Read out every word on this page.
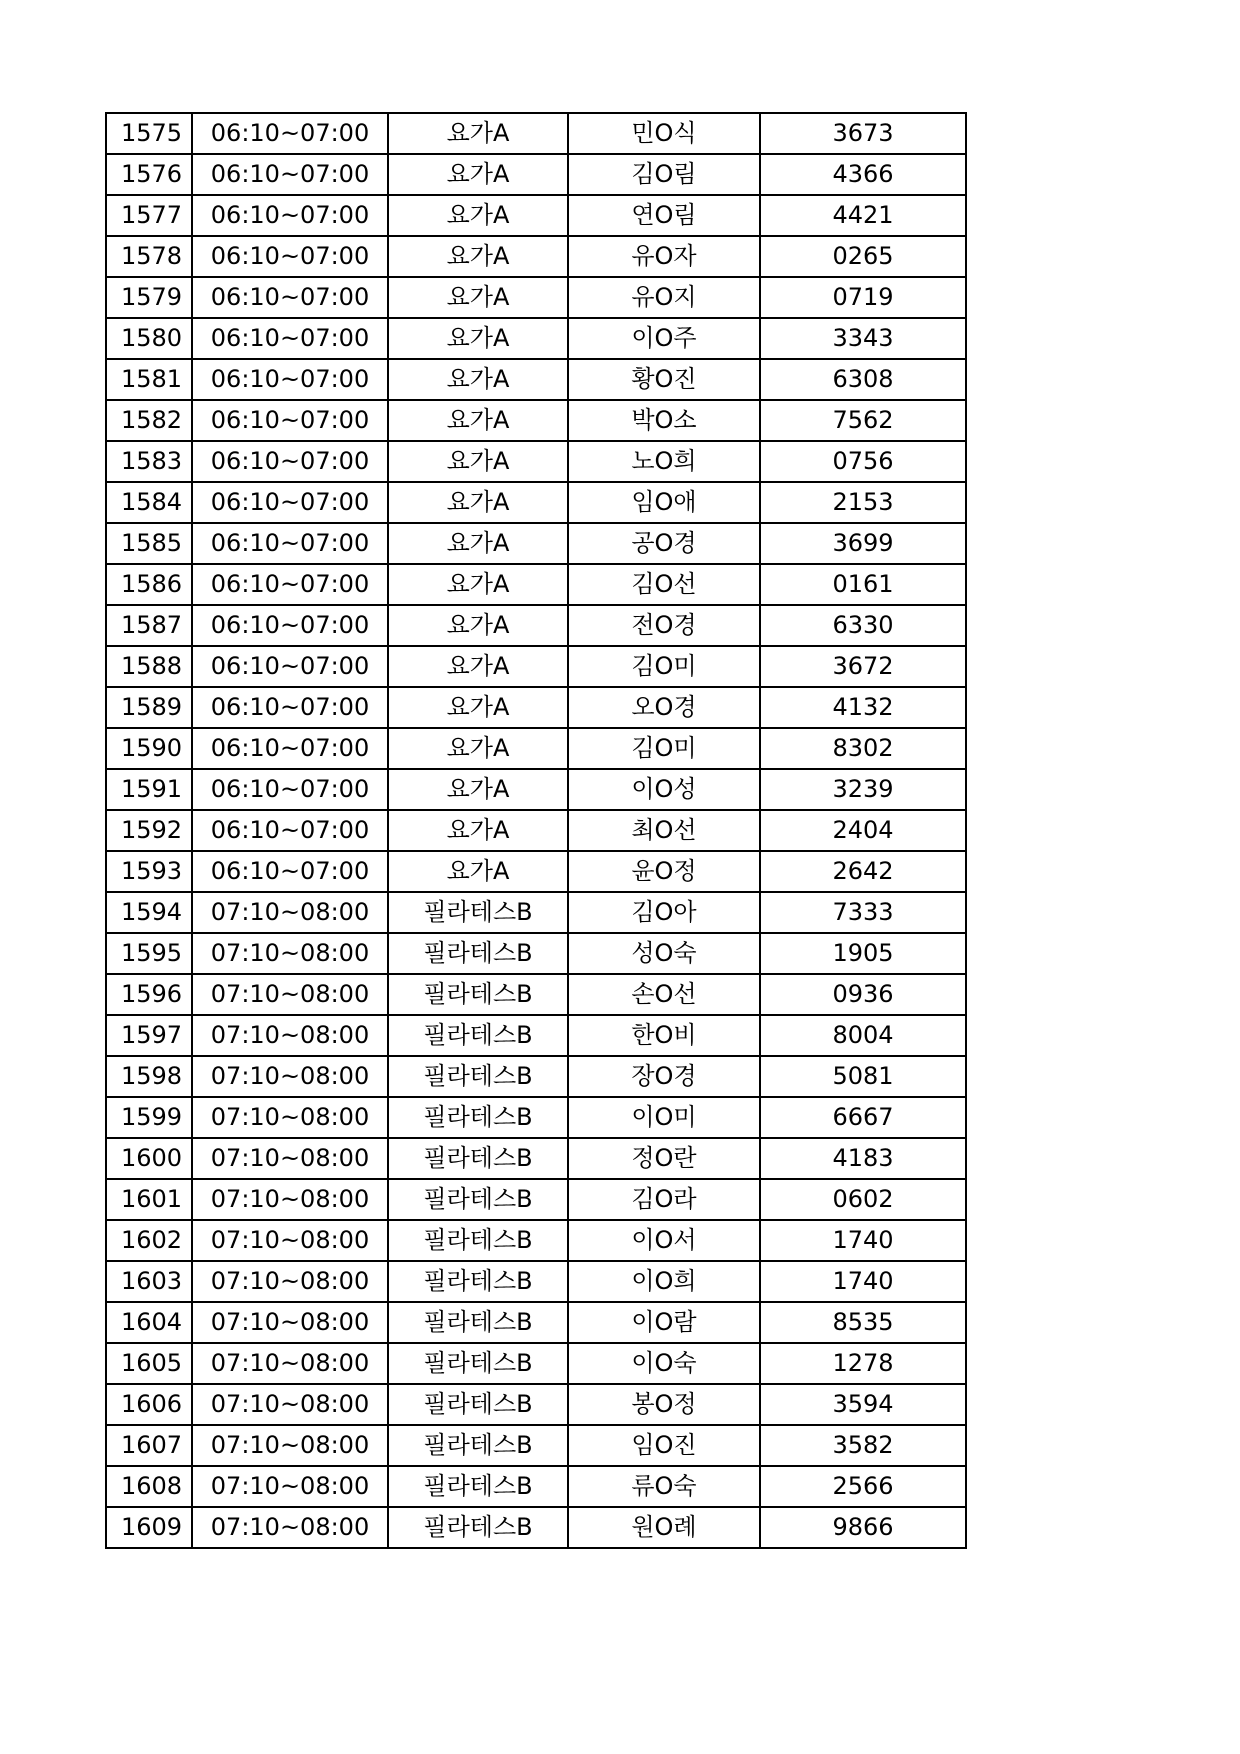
1575	06:10~07:00	요가A	민O식	3673
1576	06:10~07:00	요가A	김O림	4366
1577	06:10~07:00	요가A	연O림	4421
1578	06:10~07:00	요가A	유O자	0265
1579	06:10~07:00	요가A	유O지	0719
1580	06:10~07:00	요가A	이O주	3343
1581	06:10~07:00	요가A	황O진	6308
1582	06:10~07:00	요가A	박O소	7562
1583	06:10~07:00	요가A	노O희	0756
1584	06:10~07:00	요가A	임O애	2153
1585	06:10~07:00	요가A	공O경	3699
1586	06:10~07:00	요가A	김O선	0161
1587	06:10~07:00	요가A	전O경	6330
1588	06:10~07:00	요가A	김O미	3672
1589	06:10~07:00	요가A	오O경	4132
1590	06:10~07:00	요가A	김O미	8302
1591	06:10~07:00	요가A	이O성	3239
1592	06:10~07:00	요가A	최O선	2404
1593	06:10~07:00	요가A	윤O정	2642
1594	07:10~08:00	필라테스B	김O아	7333
1595	07:10~08:00	필라테스B	성O숙	1905
1596	07:10~08:00	필라테스B	손O선	0936
1597	07:10~08:00	필라테스B	한O비	8004
1598	07:10~08:00	필라테스B	장O경	5081
1599	07:10~08:00	필라테스B	이O미	6667
1600	07:10~08:00	필라테스B	정O란	4183
1601	07:10~08:00	필라테스B	김O라	0602
1602	07:10~08:00	필라테스B	이O서	1740
1603	07:10~08:00	필라테스B	이O희	1740
1604	07:10~08:00	필라테스B	이O람	8535
1605	07:10~08:00	필라테스B	이O숙	1278
1606	07:10~08:00	필라테스B	봉O정	3594
1607	07:10~08:00	필라테스B	임O진	3582
1608	07:10~08:00	필라테스B	류O숙	2566
1609	07:10~08:00	필라테스B	원O례	9866
